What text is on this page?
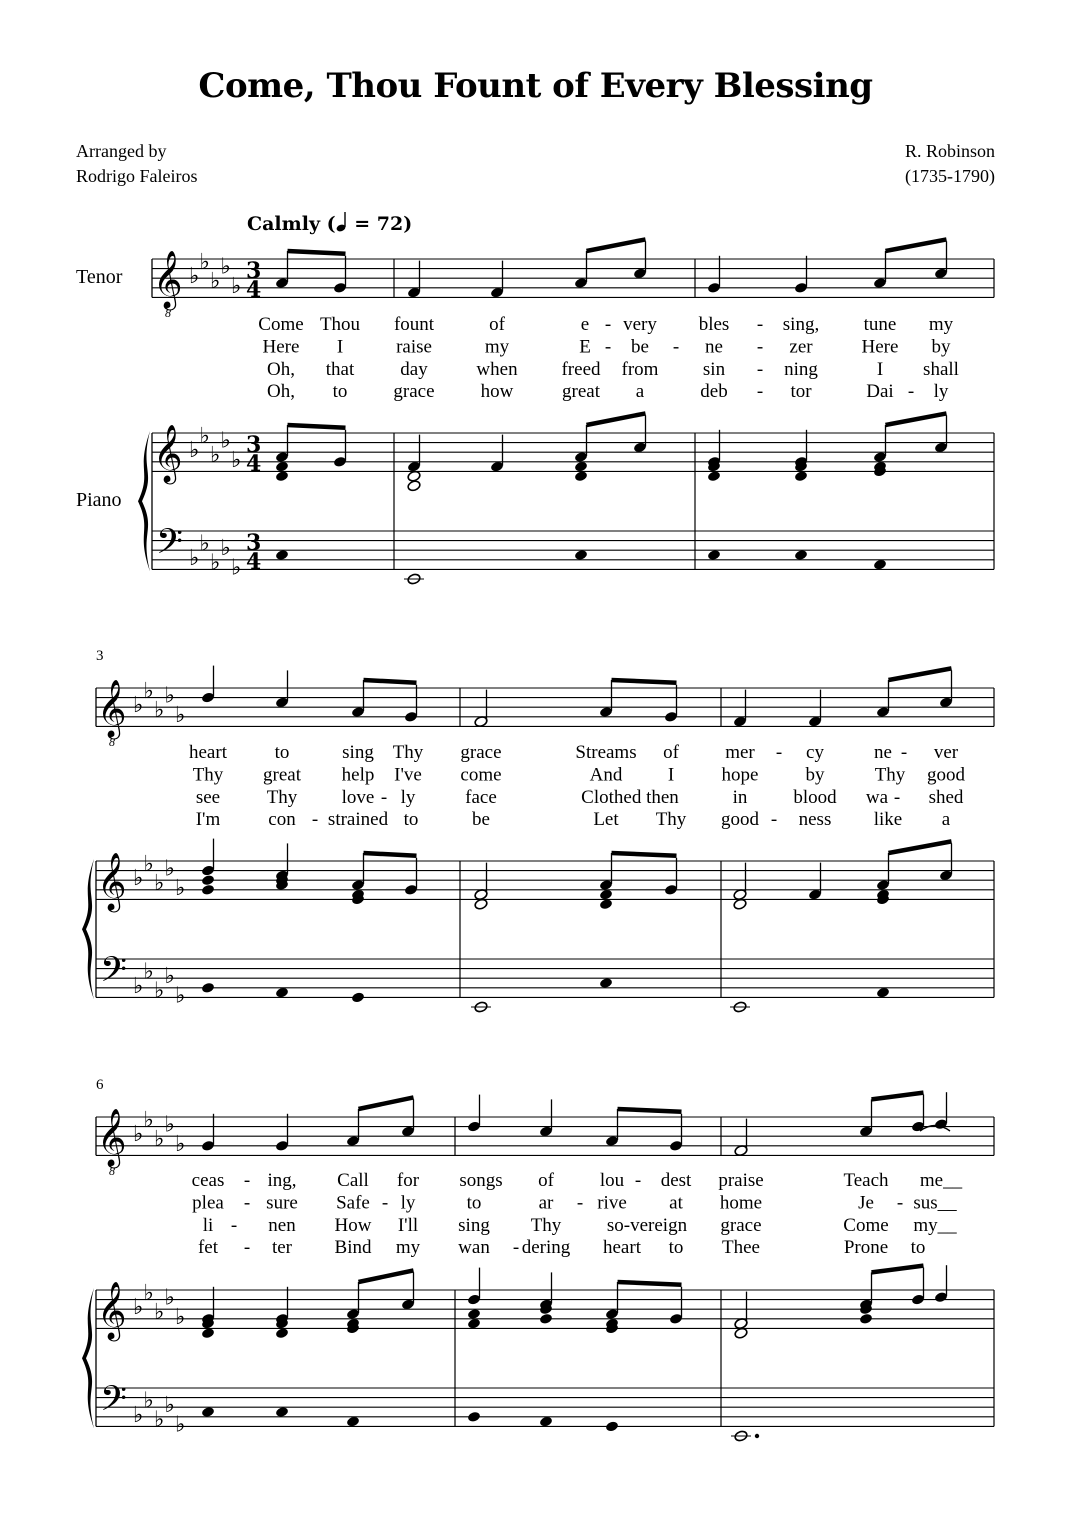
Come, Thou Fount of Every Blessing
Arranged by
Rodrigo Faleiros
R. Robinson
(1735-1790)
Calmly ( = 72)
Tenor
Piano
3
6
𝄞
8
𝄞
𝄢
♭
♭
♭
♭
♭
♭
♭
♭
♭
♭
♭
♭
♭
♭
♭
3
4
3
4
3
4
Come Thou fount	of	e - very bles - sing, tune my
Here I	raise	my	E - be - ne - zer	Here by
Oh, that day	when freed from sin - ning	I shall
Oh, to grace how	great a	deb - tor	Dai - ly
𝄞
8
𝄞
𝄢
♭
♭
♭
♭
♭
♭
♭
♭
♭
♭
♭
♭
♭
♭
♭
heart	to	sing Thy grace	Streams of mer - cy	ne - ver
Thy great help I've come	And I hope by	Thy good
see Thy love - ly	face	Clothed then	in blood wa - shed
I'm	con - strained to	be	Let Thy good - ness like a
𝄞
8
𝄞
𝄢
♭
♭
♭
♭
♭
♭
♭
♭
♭
♭
♭
♭
♭
♭
♭
ceas - ing, Call for songs of lou - dest praise	Teach me__
plea - sure Safe - ly	to	ar - rive at home	Je - sus__
li - nen How I'll sing Thy so-vereign grace	Come my__
fet - ter Bind my wan - dering heart to Thee	Prone to
